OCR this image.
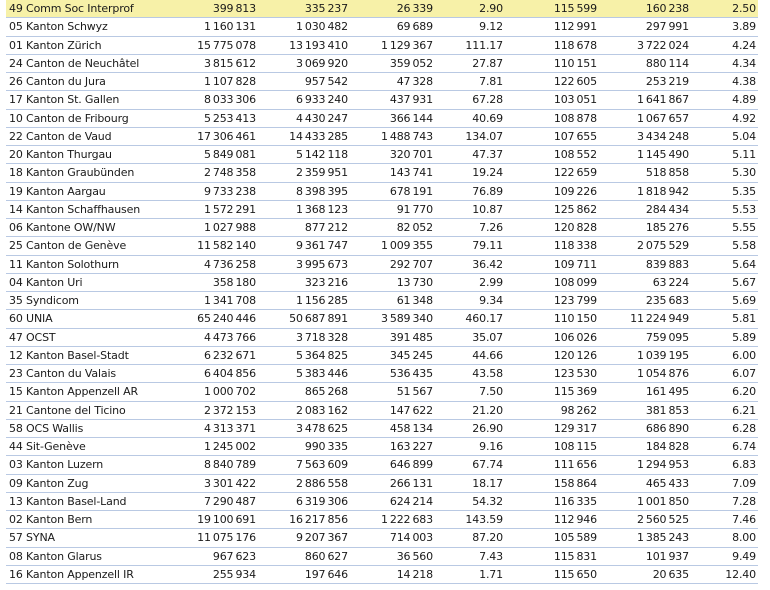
49 Comm Soc Interprof	399 813	335 237	26 339	2.90	115 599	160 238	2.50
05 Kanton Schwyz	1 160 131	1 030 482	69 689	9.12	112 991	297 991	3.89
01 Kanton Zürich	15 775 078	13 193 410	1 129 367	111.17	118 678	3 722 024	4.24
24 Canton de Neuchâtel	3 815 612	3 069 920	359 052	27.87	110 151	880 114	4.34
26 Canton du Jura	1 107 828	957 542	47 328	7.81	122 605	253 219	4.38
17 Kanton St. Gallen	8 033 306	6 933 240	437 931	67.28	103 051	1 641 867	4.89
10 Canton de Fribourg	5 253 413	4 430 247	366 144	40.69	108 878	1 067 657	4.92
22 Canton de Vaud	17 306 461	14 433 285	1 488 743	134.07	107 655	3 434 248	5.04
20 Kanton Thurgau	5 849 081	5 142 118	320 701	47.37	108 552	1 145 490	5.11
18 Kanton Graubünden	2 748 358	2 359 951	143 741	19.24	122 659	518 858	5.30
19 Kanton Aargau	9 733 238	8 398 395	678 191	76.89	109 226	1 818 942	5.35
14 Kanton Schaffhausen	1 572 291	1 368 123	91 770	10.87	125 862	284 434	5.53
06 Kantone OW/NW	1 027 988	877 212	82 052	7.26	120 828	185 276	5.55
25 Canton de Genève	11 582 140	9 361 747	1 009 355	79.11	118 338	2 075 529	5.58
11 Kanton Solothurn	4 736 258	3 995 673	292 707	36.42	109 711	839 883	5.64
04 Kanton Uri	358 180	323 216	13 730	2.99	108 099	63 224	5.67
35 Syndicom	1 341 708	1 156 285	61 348	9.34	123 799	235 683	5.69
60 UNIA	65 240 446	50 687 891	3 589 340	460.17	110 150	11 224 949	5.81
47 OCST	4 473 766	3 718 328	391 485	35.07	106 026	759 095	5.89
12 Kanton Basel-Stadt	6 232 671	5 364 825	345 245	44.66	120 126	1 039 195	6.00
23 Canton du Valais	6 404 856	5 383 446	536 435	43.58	123 530	1 054 876	6.07
15 Kanton Appenzell AR	1 000 702	865 268	51 567	7.50	115 369	161 495	6.20
21 Cantone del Ticino	2 372 153	2 083 162	147 622	21.20	98 262	381 853	6.21
58 OCS Wallis	4 313 371	3 478 625	458 134	26.90	129 317	686 890	6.28
44 Sit-Genève	1 245 002	990 335	163 227	9.16	108 115	184 828	6.74
03 Kanton Luzern	8 840 789	7 563 609	646 899	67.74	111 656	1 294 953	6.83
09 Kanton Zug	3 301 422	2 886 558	266 131	18.17	158 864	465 433	7.09
13 Kanton Basel-Land	7 290 487	6 319 306	624 214	54.32	116 335	1 001 850	7.28
02 Kanton Bern	19 100 691	16 217 856	1 222 683	143.59	112 946	2 560 525	7.46
57 SYNA	11 075 176	9 207 367	714 003	87.20	105 589	1 385 243	8.00
08 Kanton Glarus	967 623	860 627	36 560	7.43	115 831	101 937	9.49
16 Kanton Appenzell IR	255 934	197 646	14 218	1.71	115 650	20 635	12.40
